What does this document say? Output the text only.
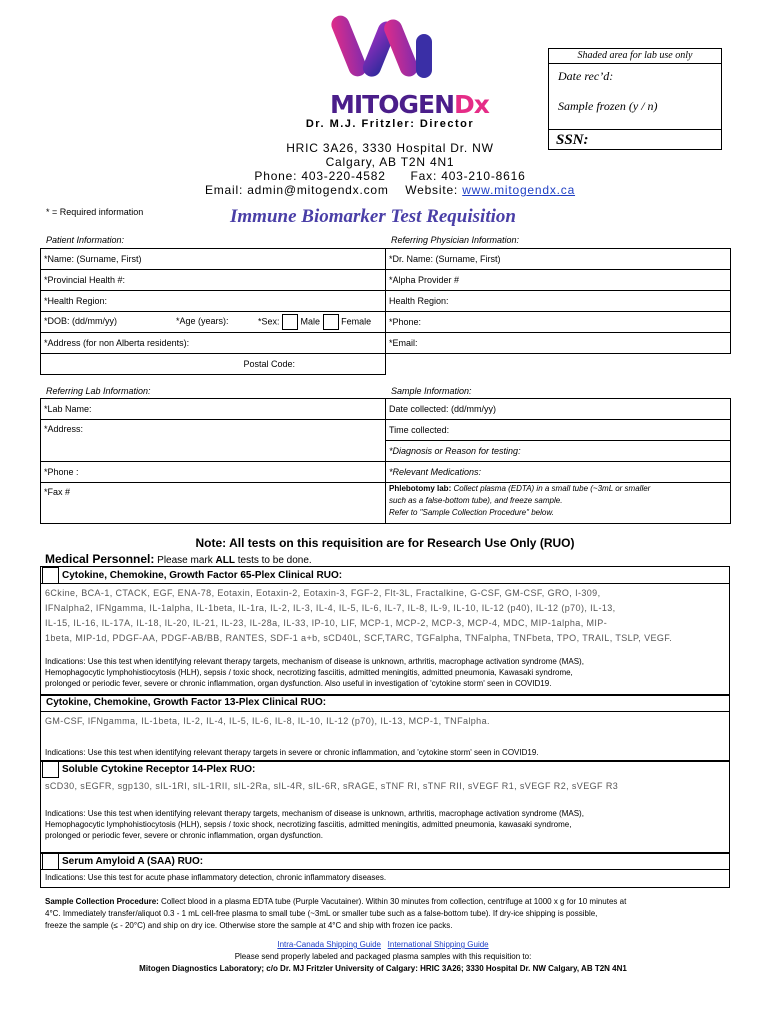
MITOGENDx
Shaded area for lab use only
Date rec’d:
Sample frozen (y / n)
SSN:
Dr. M.J. Fritzler: Director
HRIC 3A26, 3330 Hospital Dr. NW
Calgary, AB T2N 4N1
Phone: 403-220-4582 Fax: 403-210-8616
Email: admin@mitogendx.com Website: www.mitogendx.ca
* = Required information	Immune Biomarker Test Requisition
Patient Information:	Referring Physician Information:
*Name: (Surname, First)	*Dr. Name: (Surname, First)
*Provincial Health #:	*Alpha Provider #
*Health Region:	Health Region:
*DOB: (dd/mm/yy) *Age (years): *Sex: Male Female	*Phone:
*Address (for non Alberta residents):	*Email:
Postal Code:	
Referring Lab Information:	Sample Information:
*Lab Name:	Date collected: (dd/mm/yy)
*Address:	Time collected:
	*Diagnosis or Reason for testing:
*Phone :	*Relevant Medications:
*Fax #	Phlebotomy lab: Collect plasma (EDTA) in a small tube (~3mL or smaller
such as a false-bottom tube), and freeze sample.
Refer to "Sample Collection Procedure" below.
Note: All tests on this requisition are for Research Use Only (RUO)
Medical Personnel: Please mark ALL tests to be done.
Cytokine, Chemokine, Growth Factor 65-Plex Clinical RUO:
6Ckine, BCA-1, CTACK, EGF, ENA-78, Eotaxin, Eotaxin-2, Eotaxin-3, FGF-2, Flt-3L, Fractalkine, G-CSF, GM-CSF, GRO, I-309,
IFNalpha2, IFNgamma, IL-1alpha, IL-1beta, IL-1ra, IL-2, IL-3, IL-4, IL-5, IL-6, IL-7, IL-8, IL-9, IL-10, IL-12 (p40), IL-12 (p70), IL-13,
IL-15, IL-16, IL-17A, IL-18, IL-20, IL-21, IL-23, IL-28a, IL-33, IP-10, LIF, MCP-1, MCP-2, MCP-3, MCP-4, MDC, MIP-1alpha, MIP-
1beta, MIP-1d, PDGF-AA, PDGF-AB/BB, RANTES, SDF-1 a+b, sCD40L, SCF,TARC, TGFalpha, TNFalpha, TNFbeta, TPO, TRAIL, TSLP, VEGF.
Indications: Use this test when identifying relevant therapy targets, mechanism of disease is unknown, arthritis, macrophage activation syndrome (MAS),
Hemophagocytic lymphohistiocytosis (HLH), sepsis / toxic shock, necrotizing fasciitis, admitted meningitis, admitted pneumonia, Kawasaki syndrome,
prolonged or periodic fever, severe or chronic inflammation, organ dysfunction. Also useful in investigation of 'cytokine storm' seen in COVID19.
Cytokine, Chemokine, Growth Factor 13-Plex Clinical RUO:
GM-CSF, IFNgamma, IL-1beta, IL-2, IL-4, IL-5, IL-6, IL-8, IL-10, IL-12 (p70), IL-13, MCP-1, TNFalpha.
Indications: Use this test when identifying relevant therapy targets in severe or chronic inflammation, and 'cytokine storm' seen in COVID19.
Soluble Cytokine Receptor 14-Plex RUO:
sCD30, sEGFR, sgp130, sIL-1RI, sIL-1RII, sIL-2Ra, sIL-4R, sIL-6R, sRAGE, sTNF RI, sTNF RII, sVEGF R1, sVEGF R2, sVEGF R3
Indications: Use this test when identifying relevant therapy targets, mechanism of disease is unknown, arthritis, macrophage activation syndrome (MAS),
Hemophagocytic lymphohistiocytosis (HLH), sepsis / toxic shock, necrotizing fasciitis, admitted meningitis, admitted pneumonia, kawasaki syndrome,
prolonged or periodic fever, severe or chronic inflammation, organ dysfunction.
Serum Amyloid A (SAA) RUO:
Indications: Use this test for acute phase inflammatory detection, chronic inflammatory diseases.
Sample Collection Procedure: Collect blood in a plasma EDTA tube (Purple Vacutainer). Within 30 minutes from collection, centrifuge at 1000 x g for 10 minutes at
4°C. Immediately transfer/aliquot 0.3 - 1 mL cell-free plasma to small tube (~3mL or smaller tube such as a false-bottom tube). If dry-ice shipping is possible,
freeze the sample (≤ - 20°C) and ship on dry ice. Otherwise store the sample at 4°C and ship with frozen ice packs.
Intra-Canada Shipping Guide International Shipping Guide
Please send properly labeled and packaged plasma samples with this requisition to:
Mitogen Diagnostics Laboratory; c/o Dr. MJ Fritzler University of Calgary: HRIC 3A26; 3330 Hospital Dr. NW Calgary, AB T2N 4N1
